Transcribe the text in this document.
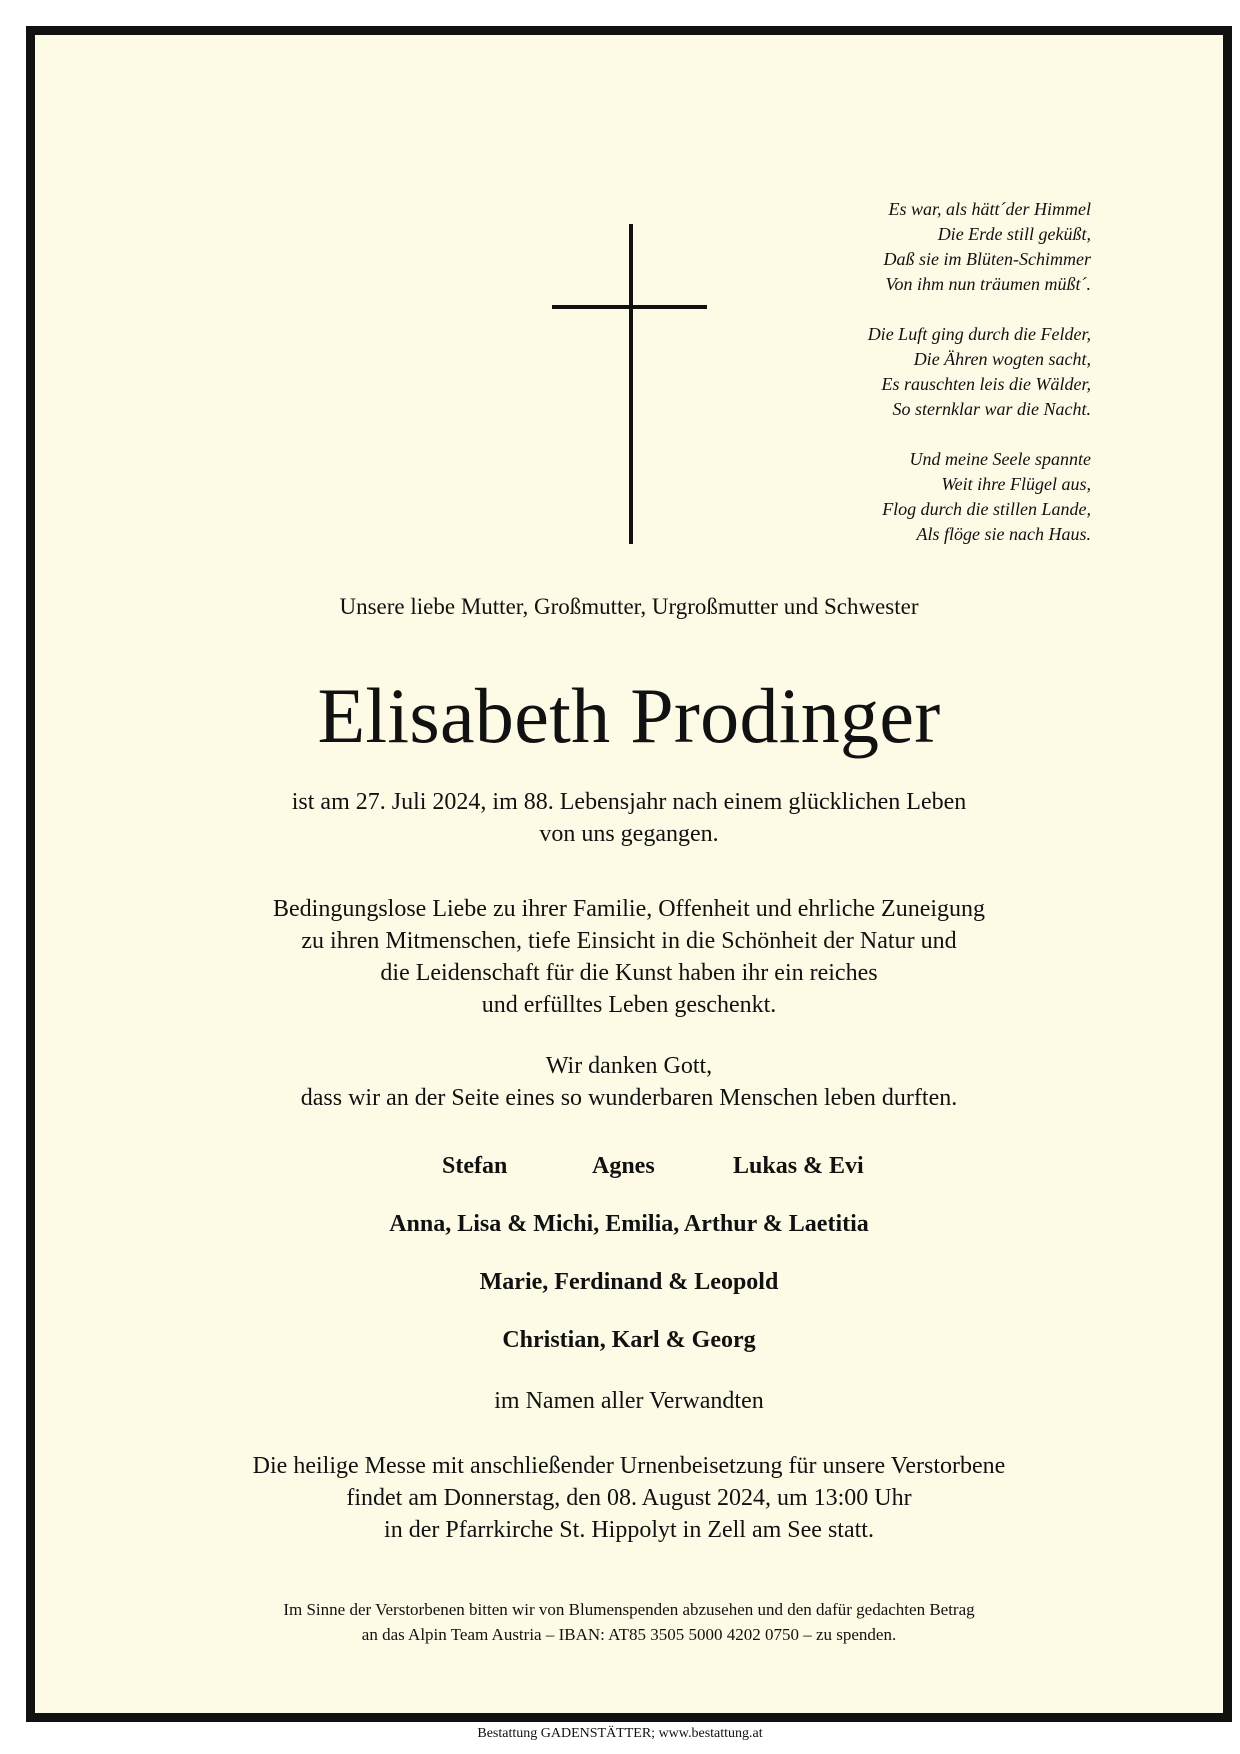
Es war, als hätt´der Himmel
Die Erde still geküßt,
Daß sie im Blüten-Schimmer
Von ihm nun träumen müßt´.
Die Luft ging durch die Felder,
Die Ähren wogten sacht,
Es rauschten leis die Wälder,
So sternklar war die Nacht.
Und meine Seele spannte
Weit ihre Flügel aus,
Flog durch die stillen Lande,
Als flöge sie nach Haus.
Unsere liebe Mutter, Großmutter, Urgroßmutter und Schwester
Elisabeth Prodinger
ist am 27. Juli 2024, im 88. Lebensjahr nach einem glücklichen Leben
von uns gegangen.
Bedingungslose Liebe zu ihrer Familie, Offenheit und ehrliche Zuneigung
zu ihren Mitmenschen, tiefe Einsicht in die Schönheit der Natur und
die Leidenschaft für die Kunst haben ihr ein reiches
und erfülltes Leben geschenkt.
Wir danken Gott,
dass wir an der Seite eines so wunderbaren Menschen leben durften.
Stefan	Agnes	Lukas & Evi
Anna, Lisa & Michi, Emilia, Arthur & Laetitia
Marie, Ferdinand & Leopold
Christian, Karl & Georg
im Namen aller Verwandten
Die heilige Messe mit anschließender Urnenbeisetzung für unsere Verstorbene
findet am Donnerstag, den 08. August 2024, um 13:00 Uhr
in der Pfarrkirche St. Hippolyt in Zell am See statt.
Im Sinne der Verstorbenen bitten wir von Blumenspenden abzusehen und den dafür gedachten Betrag
an das Alpin Team Austria – IBAN: AT85 3505 5000 4202 0750 – zu spenden.
Bestattung GADENSTÄTTER; www.bestattung.at
